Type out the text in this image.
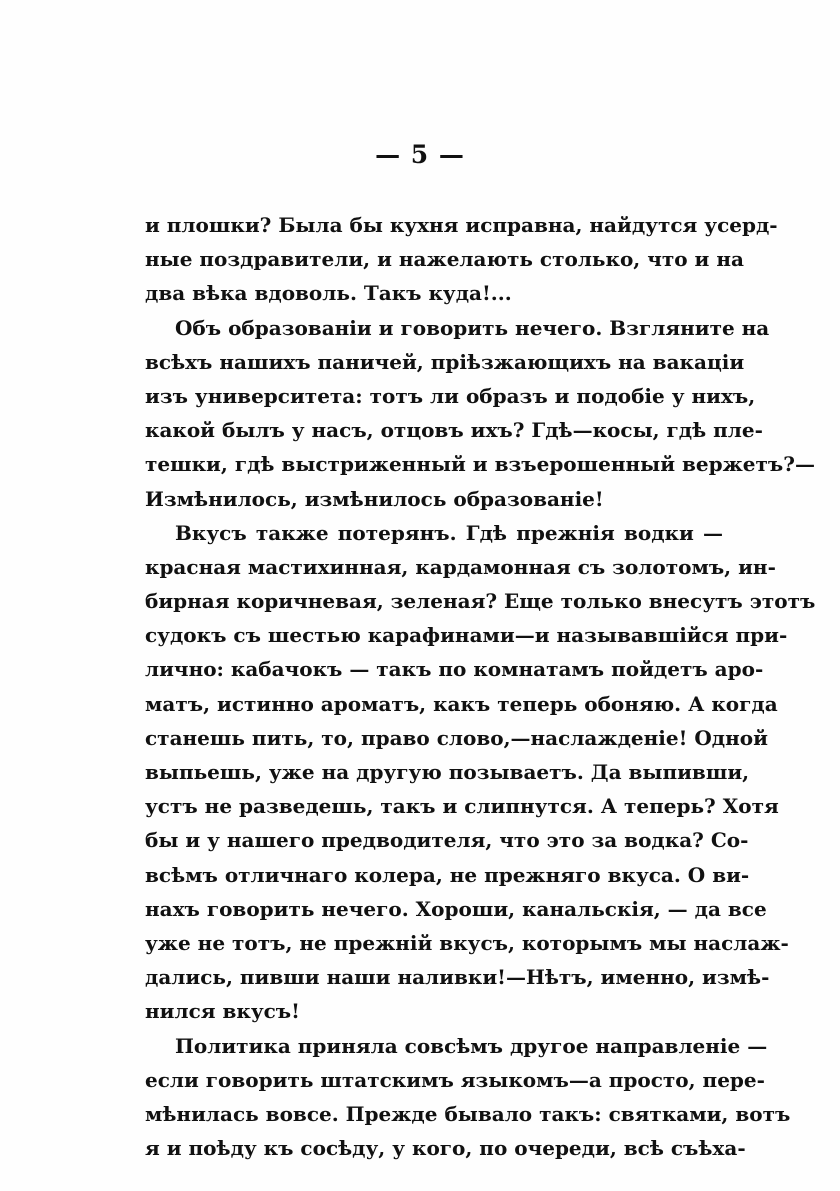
— 5 —
и плошки? Была бы кухня исправна, найдутся усерд-
ные поздравители, и нажелають столько, что и на
два вѣка вдоволь. Такъ куда!...
Объ образованіи и говорить нечего. Взгляните на
всѣхъ нашихъ паничей, пріѣзжающихъ на вакаціи
изъ университета: тотъ ли образъ и подобіе у нихъ,
какой былъ у насъ, отцовъ ихъ? Гдѣ—косы, гдѣ пле-
тешки, гдѣ выстриженный и взъерошенный вержетъ?—
Измѣнилось, измѣнилось образованіе!
Вкусъ также потерянъ. Гдѣ прежнія водки —
красная мастихинная, кардамонная съ золотомъ, ин-
бирная коричневая, зеленая? Еще только внесутъ этотъ
судокъ съ шестью карафинами—и называвшійся при-
лично: кабачокъ — такъ по комнатамъ пойдетъ аро-
матъ, истинно ароматъ, какъ теперь обоняю. А когда
станешь пить, то, право слово,—наслажденіе! Одной
выпьешь, уже на другую позываетъ. Да выпивши,
устъ не разведешь, такъ и слипнутся. А теперь? Хотя
бы и у нашего предводителя, что это за водка? Со-
всѣмъ отличнаго колера, не прежняго вкуса. О ви-
нахъ говорить нечего. Хороши, канальскія, — да все
уже не тотъ, не прежній вкусъ, которымъ мы наслаж-
дались, пивши наши наливки!—Нѣтъ, именно, измѣ-
нился вкусъ!
Политика приняла совсѣмъ другое направленіе —
если говорить штатскимъ языкомъ—а просто, пере-
мѣнилась вовсе. Прежде бывало такъ: святками, вотъ
я и поѣду къ сосѣду, у кого, по очереди, всѣ съѣха-
